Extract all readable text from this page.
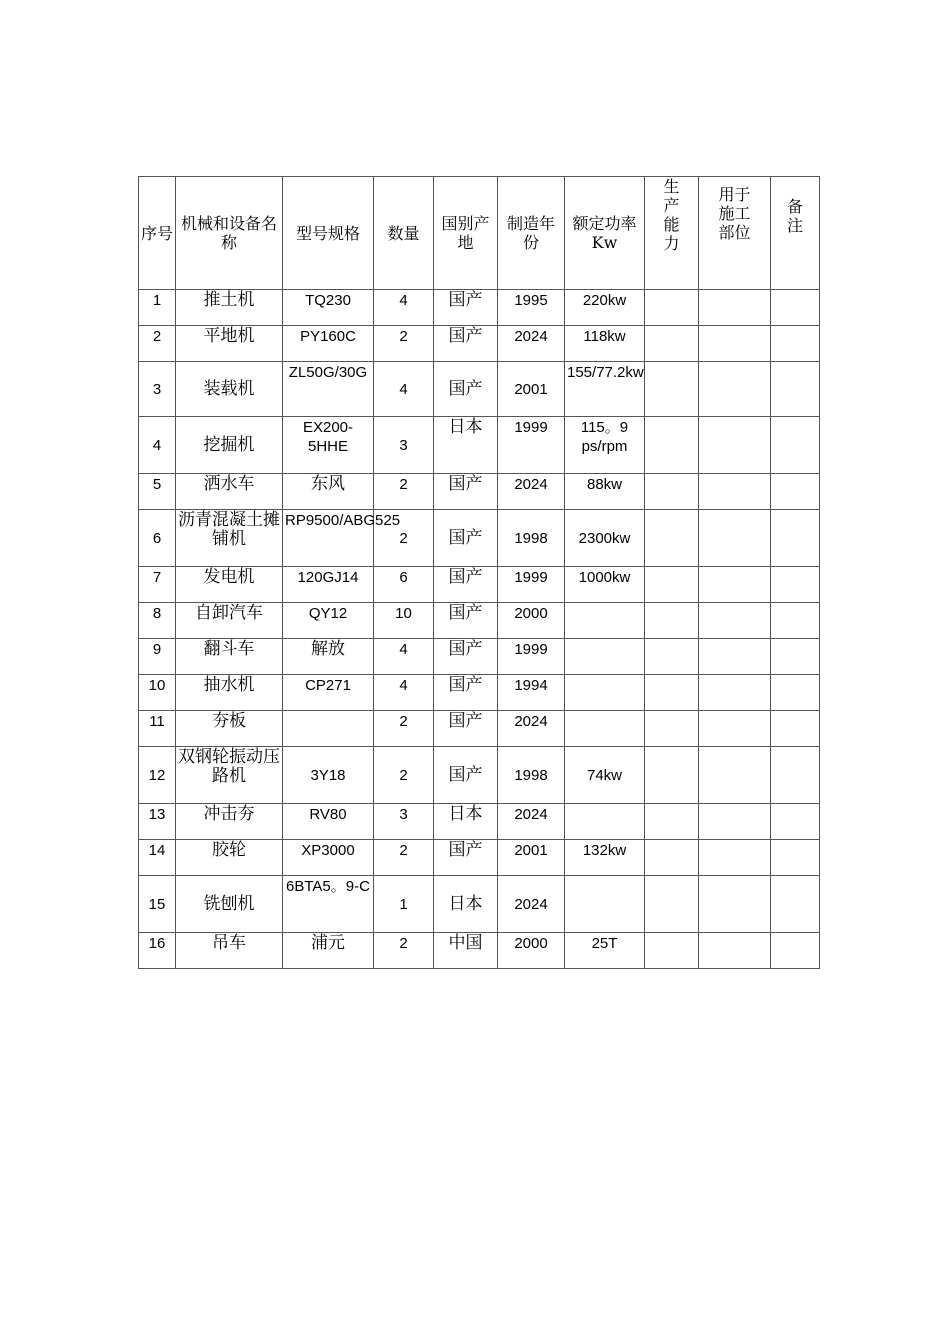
序号	机械和设备名称	型号规格	数量	国别产地	制造年份	额定功率 Kw	生产能力	用于施工部位	备注
1	推土机	TQ230	4	国产	1995	220kw			
2	平地机	PY160C	2	国产	2024	118kw			
3	装载机	ZL50G/30G	4	国产	2001	155/77.2kw			
4	挖掘机	EX200-5HHE	3	日本	1999	115。9 ps/rpm			
5	洒水车	东风	2	国产	2024	88kw			
6	沥青混凝土摊铺机	RP9500/ABG525	2	国产	1998	2300kw			
7	发电机	120GJ14	6	国产	1999	1000kw			
8	自卸汽车	QY12	10	国产	2000				
9	翻斗车	解放	4	国产	1999				
10	抽水机	CP271	4	国产	1994				
11	夯板		2	国产	2024				
12	双钢轮振动压路机	3Y18	2	国产	1998	74kw			
13	冲击夯	RV80	3	日本	2024				
14	胶轮	XP3000	2	国产	2001	132kw			
15	铣刨机	6BTA5。9-C	1	日本	2024				
16	吊车	浦元	2	中国	2000	25T			
